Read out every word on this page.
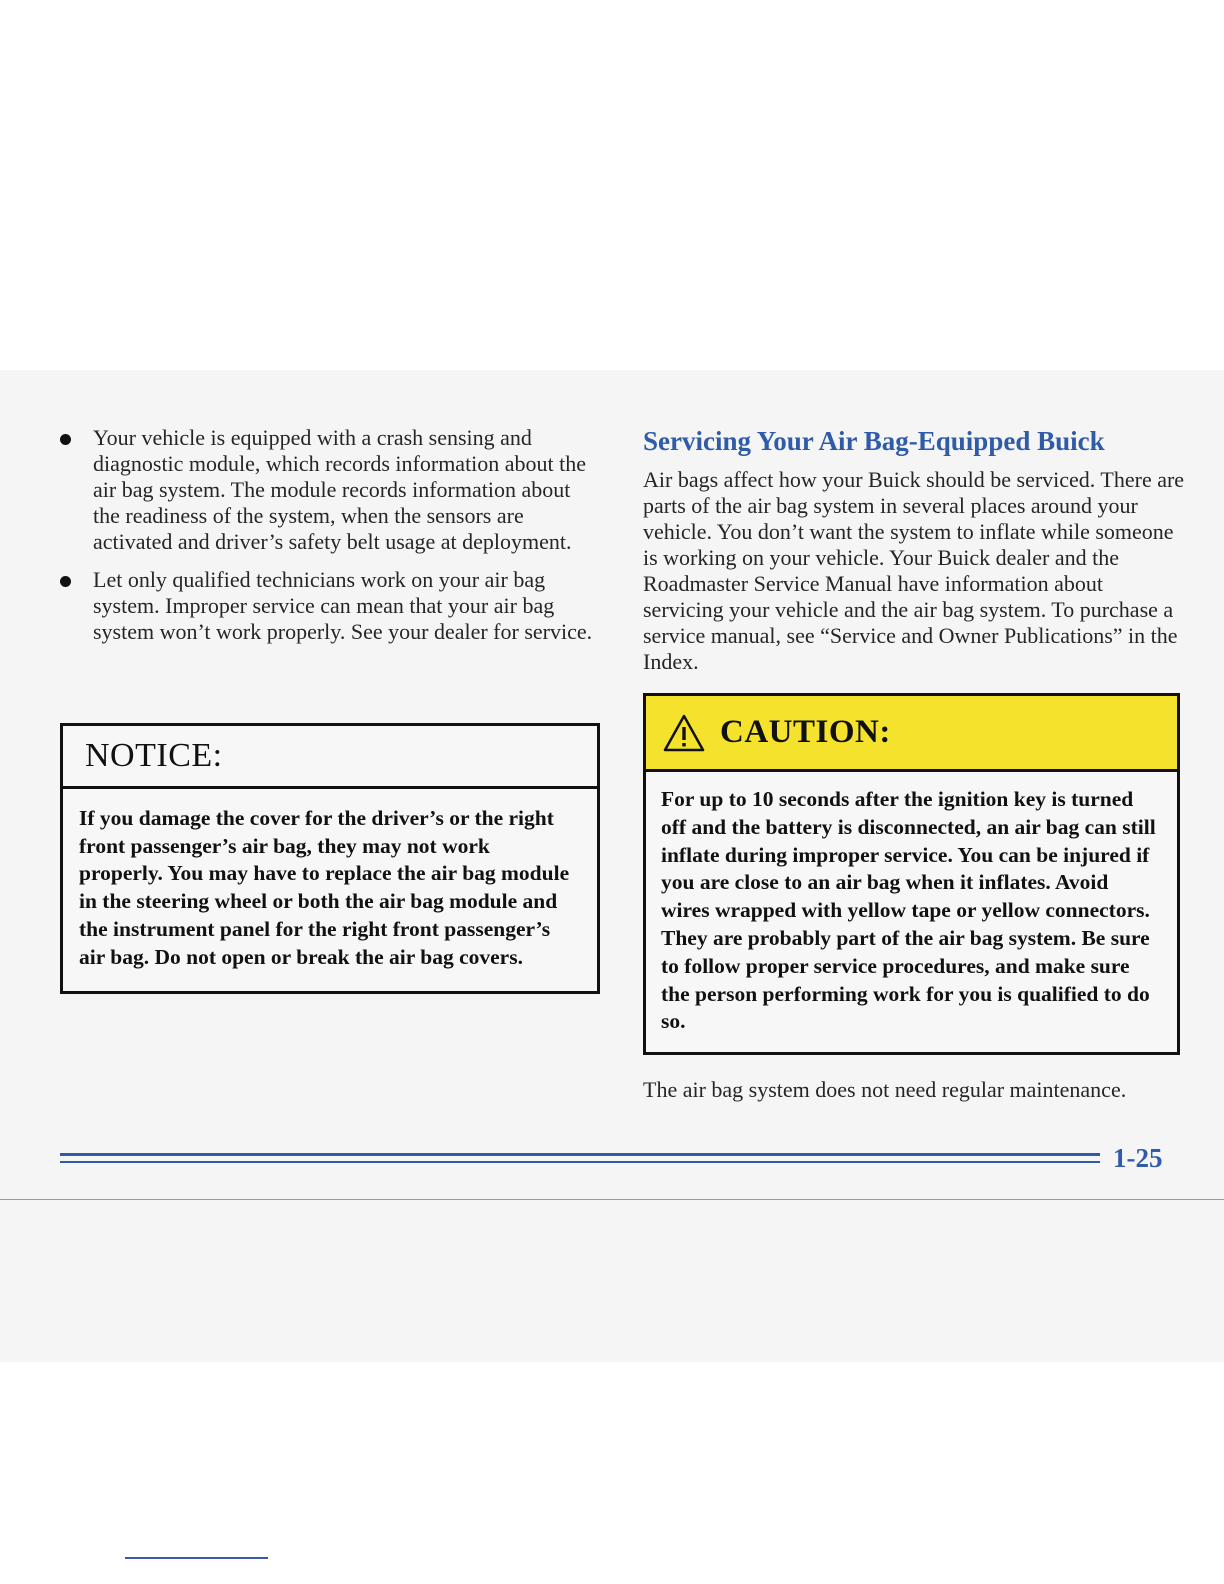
Your vehicle is equipped with a crash sensing and diagnostic module, which records information about the air bag system. The module records information about the readiness of the system, when the sensors are activated and driver’s safety belt usage at deployment.
Let only qualified technicians work on your air bag system. Improper service can mean that your air bag system won’t work properly. See your dealer for service.
NOTICE:
If you damage the cover for the driver’s or the right front passenger’s air bag, they may not work properly. You may have to replace the air bag module in the steering wheel or both the air bag module and the instrument panel for the right front passenger’s air bag. Do not open or break the air bag covers.
Servicing Your Air Bag-Equipped Buick

Air bags affect how your Buick should be serviced. There are parts of the air bag system in several places around your vehicle. You don’t want the system to inflate while someone is working on your vehicle. Your Buick dealer and the Roadmaster Service Manual have information about servicing your vehicle and the air bag system. To purchase a service manual, see “Service and Owner Publications” in the Index.

CAUTION:
For up to 10 seconds after the ignition key is turned off and the battery is disconnected, an air bag can still inflate during improper service. You can be injured if you are close to an air bag when it inflates. Avoid wires wrapped with yellow tape or yellow connectors. They are probably part of the air bag system. Be sure to follow proper service procedures, and make sure the person performing work for you is qualified to do so.

The air bag system does not need regular maintenance.

1-25
